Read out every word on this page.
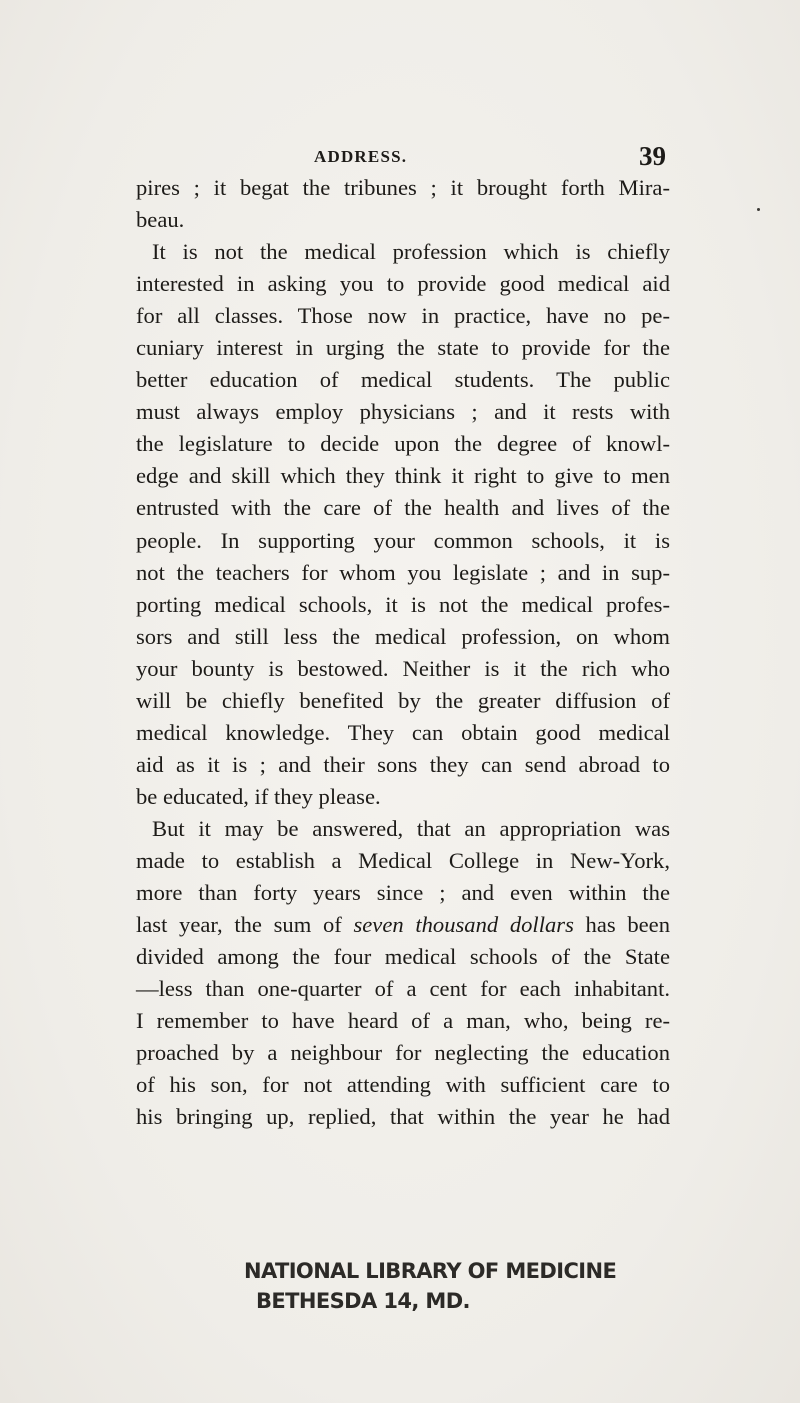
ADDRESS.	39
pires ; it begat the tribunes ; it brought forth Mira-
beau.
It is not the medical profession which is chiefly
interested in asking you to provide good medical aid
for all classes. Those now in practice, have no pe-
cuniary interest in urging the state to provide for the
better education of medical students. The public
must always employ physicians ; and it rests with
the legislature to decide upon the degree of knowl-
edge and skill which they think it right to give to men
entrusted with the care of the health and lives of the
people. In supporting your common schools, it is
not the teachers for whom you legislate ; and in sup-
porting medical schools, it is not the medical profes-
sors and still less the medical profession, on whom
your bounty is bestowed. Neither is it the rich who
will be chiefly benefited by the greater diffusion of
medical knowledge. They can obtain good medical
aid as it is ; and their sons they can send abroad to
be educated, if they please.
But it may be answered, that an appropriation was
made to establish a Medical College in New-York,
more than forty years since ; and even within the
last year, the sum of seven thousand dollars has been
divided among the four medical schools of the State
—less than one-quarter of a cent for each inhabitant.
I remember to have heard of a man, who, being re-
proached by a neighbour for neglecting the education
of his son, for not attending with sufficient care to
his bringing up, replied, that within the year he had
NATIONAL LIBRARY OF MEDICINE
BETHESDA 14, MD.
